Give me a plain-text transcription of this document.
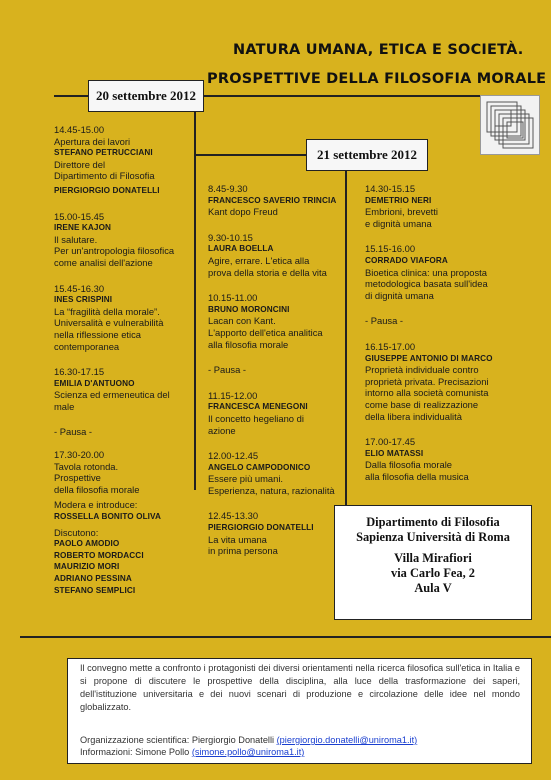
NATURA UMANA, ETICA E SOCIETÀ.
PROSPETTIVE DELLA FILOSOFIA MORALE
20 settembre 2012
21 settembre 2012
14.45-15.00
Apertura dei lavori
STEFANO PETRUCCIANI
Direttore del
Dipartimento di Filosofia
PIERGIORGIO DONATELLI
15.00-15.45
IRENE KAJON
Il salutare.
Per un'antropologia filosofica
come analisi dell'azione
15.45-16.30
INES CRISPINI
La “fragilità della morale”.
Universalità e vulnerabilità
nella riflessione etica
contemporanea
16.30-17.15
EMILIA D'ANTUONO
Scienza ed ermeneutica del
male
- Pausa -
17.30-20.00
Tavola rotonda.
Prospettive
della filosofia morale
Modera e introduce:
ROSSELLA BONITO OLIVA
Discutono:
PAOLO AMODIO
ROBERTO MORDACCI
MAURIZIO MORI
ADRIANO PESSINA
STEFANO SEMPLICI
8.45-9.30
FRANCESCO SAVERIO TRINCIA
Kant dopo Freud
9.30-10.15
LAURA BOELLA
Agire, errare. L'etica alla
prova della storia e della vita
10.15-11.00
BRUNO MORONCINI
Lacan con Kant.
L'apporto dell'etica analitica
alla filosofia morale
- Pausa -
11.15-12.00
FRANCESCA MENEGONI
Il concetto hegeliano di
azione
12.00-12.45
ANGELO CAMPODONICO
Essere più umani.
Esperienza, natura, razionalità
12.45-13.30
PIERGIORGIO DONATELLI
La vita umana
in prima persona
14.30-15.15
DEMETRIO NERI
Embrioni, brevetti
e dignità umana
15.15-16.00
CORRADO VIAFORA
Bioetica clinica: una proposta
metodologica basata sull'idea
di dignità umana
- Pausa -
16.15-17.00
GIUSEPPE ANTONIO DI MARCO
Proprietà individuale contro
proprietà privata. Precisazioni
intorno alla società comunista
come base di realizzazione
della libera individualità
17.00-17.45
ELIO MATASSI
Dalla filosofia morale
alla filosofia della musica
Dipartimento di Filosofia
Sapienza Università di Roma
Villa Mirafiori
via Carlo Fea, 2
Aula V
Il convegno mette a confronto i protagonisti dei diversi orientamenti nella ricerca filosofica sull'etica in Italia e si propone di discutere le prospettive della disciplina, alla luce della trasformazione dei saperi, dell'istituzione universitaria e dei nuovi scenari di produzione e circolazione delle idee nel mondo globalizzato.
Organizzazione scientifica: Piergiorgio Donatelli (piergiorgio.donatelli@uniroma1.it)
Informazioni: Simone Pollo (simone.pollo@uniroma1.it)
